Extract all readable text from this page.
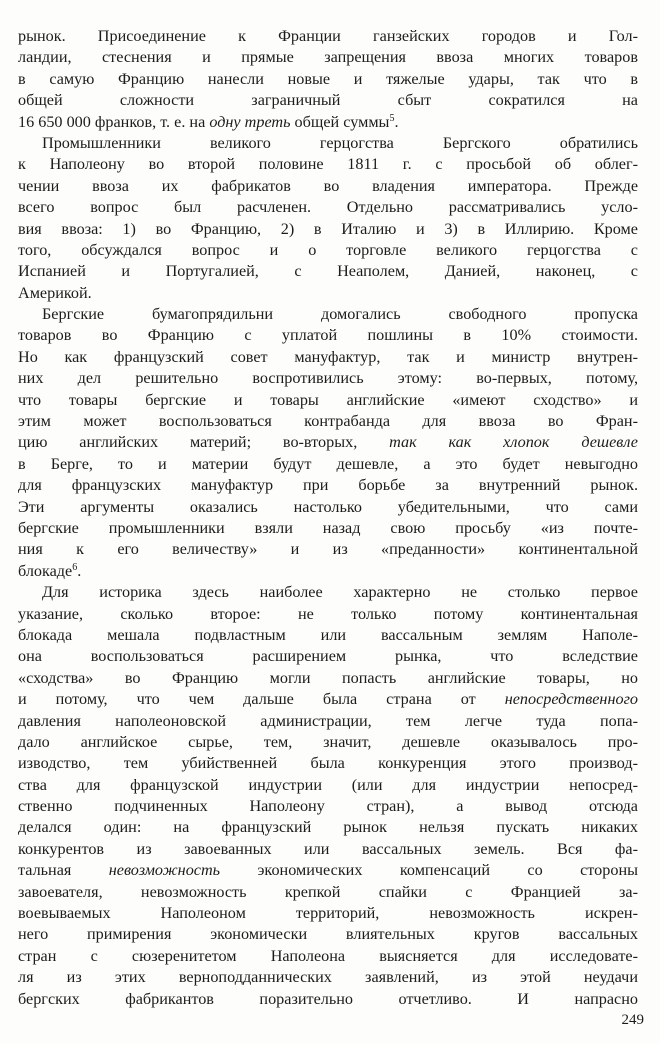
рынок. Присоединение к Франции ганзейских городов и Гол-
ландии, стеснения и прямые запрещения ввоза многих товаров
в самую Францию нанесли новые и тяжелые удары, так что в
общей сложности заграничный сбыт сократился на
16 650 000 франков, т. е. на одну треть общей суммы$^5$.
Промышленники великого герцогства Бергского обратились
к Наполеону во второй половине 1811 г. с просьбой об облег-
чении ввоза их фабрикатов во владения императора. Прежде
всего вопрос был расчленен. Отдельно рассматривались усло-
вия ввоза: 1) во Францию, 2) в Италию и 3) в Иллирию. Кроме
того, обсуждался вопрос и о торговле великого герцогства с
Испанией и Португалией, с Неаполем, Данией, наконец, с
Америкой.
Бергские бумагопрядильни домогались свободного пропуска
товаров во Францию с уплатой пошлины в 10% стоимости.
Но как французский совет мануфактур, так и министр внутрен-
них дел решительно воспротивились этому: во-первых, потому,
что товары бергские и товары английские «имеют сходство» и
этим может воспользоваться контрабанда для ввоза во Фран-
цию английских материй; во-вторых, так как хлопок дешевле
в Берге, то и материи будут дешевле, а это будет невыгодно
для французских мануфактур при борьбе за внутренний рынок.
Эти аргументы оказались настолько убедительными, что сами
бергские промышленники взяли назад свою просьбу «из почте-
ния к его величеству» и из «преданности» континентальной
блокаде$^6$.
Для историка здесь наиболее характерно не столько первое
указание, сколько второе: не только потому континентальная
блокада мешала подвластным или вассальным землям Наполе-
она воспользоваться расширением рынка, что вследствие
«сходства» во Францию могли попасть английские товары, но
и потому, что чем дальше была страна от непосредственного
давления наполеоновской администрации, тем легче туда попа-
дало английское сырье, тем, значит, дешевле оказывалось про-
изводство, тем убийственней была конкуренция этого производ-
ства для французской индустрии (или для индустрии непосред-
ственно подчиненных Наполеону стран), а вывод отсюда
делался один: на французский рынок нельзя пускать никаких
конкурентов из завоеванных или вассальных земель. Вся фа-
тальная невозможность экономических компенсаций со стороны
завоевателя, невозможность крепкой спайки с Францией за-
воевываемых Наполеоном территорий, невозможность искрен-
него примирения экономически влиятельных кругов вассальных
стран с сюзеренитетом Наполеона выясняется для исследовате-
ля из этих верноподданнических заявлений, из этой неудачи
бергских фабрикантов поразительно отчетливо. И напрасно
249
